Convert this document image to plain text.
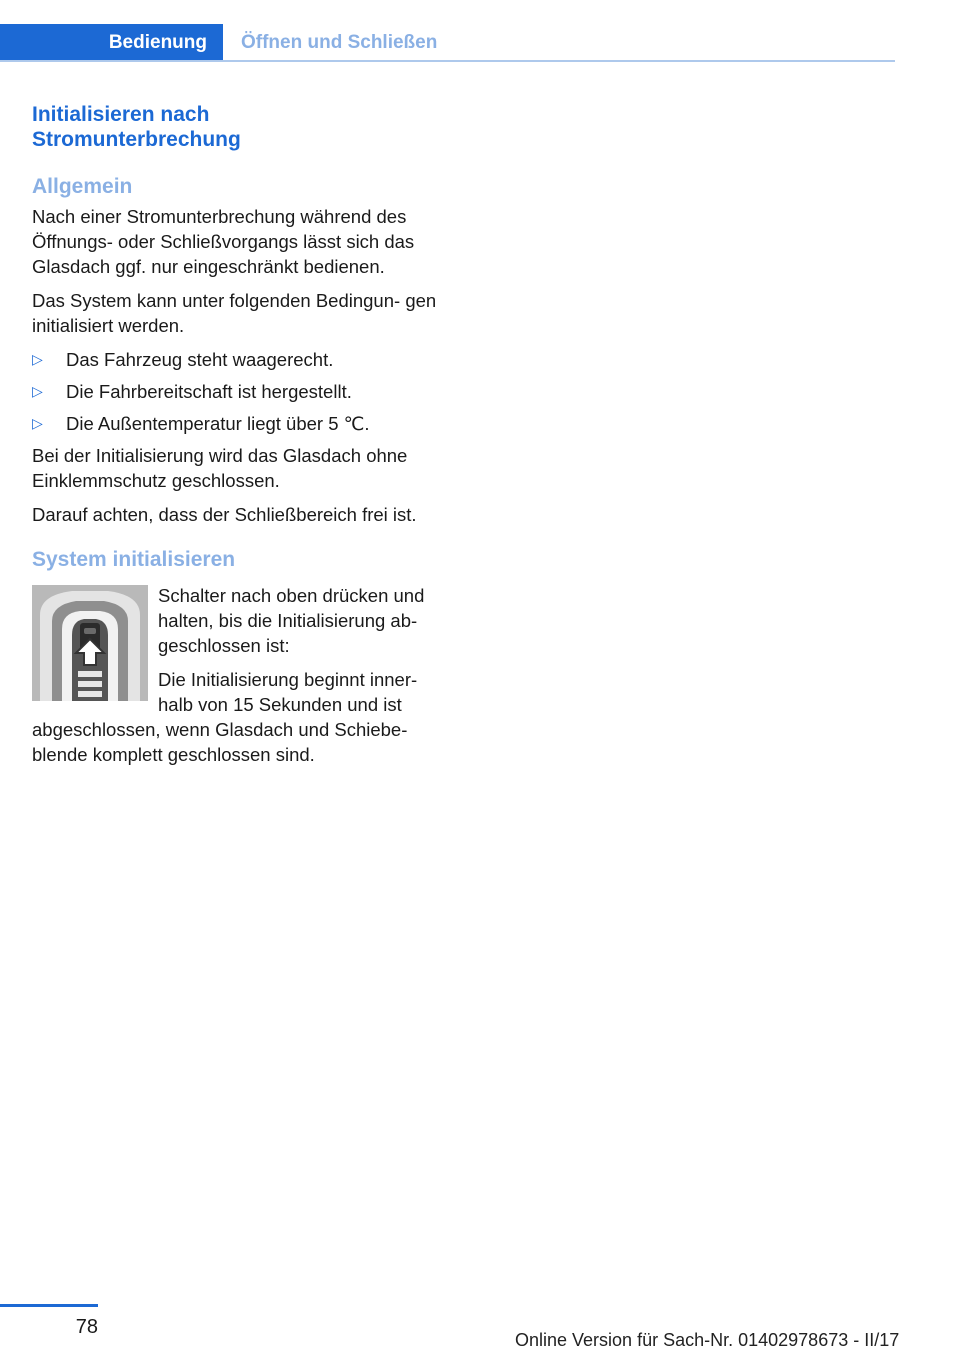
Bedienung	Öffnen und Schließen
Initialisieren nach
Stromunterbrechung
Allgemein

Nach einer Stromunterbrechung während des Öffnungs- oder Schließvorgangs lässt sich das Glasdach ggf. nur eingeschränkt bedienen.

Das System kann unter folgenden Bedingun‐ gen initialisiert werden.

▷ Das Fahrzeug steht waagerecht.
▷ Die Fahrbereitschaft ist hergestellt.
▷ Die Außentemperatur liegt über 5 ℃.

Bei der Initialisierung wird das Glasdach ohne Einklemmschutz geschlossen.

Darauf achten, dass der Schließbereich frei ist.

System initialisieren

Schalter nach oben drücken und halten, bis die Initialisierung ab‐ geschlossen ist:

Die Initialisierung beginnt inner‐ halb von 15 Sekunden und ist abgeschlossen, wenn Glasdach und Schiebe‐ blende komplett geschlossen sind.

78
Online Version für Sach-Nr. 01402978673 - II/17
